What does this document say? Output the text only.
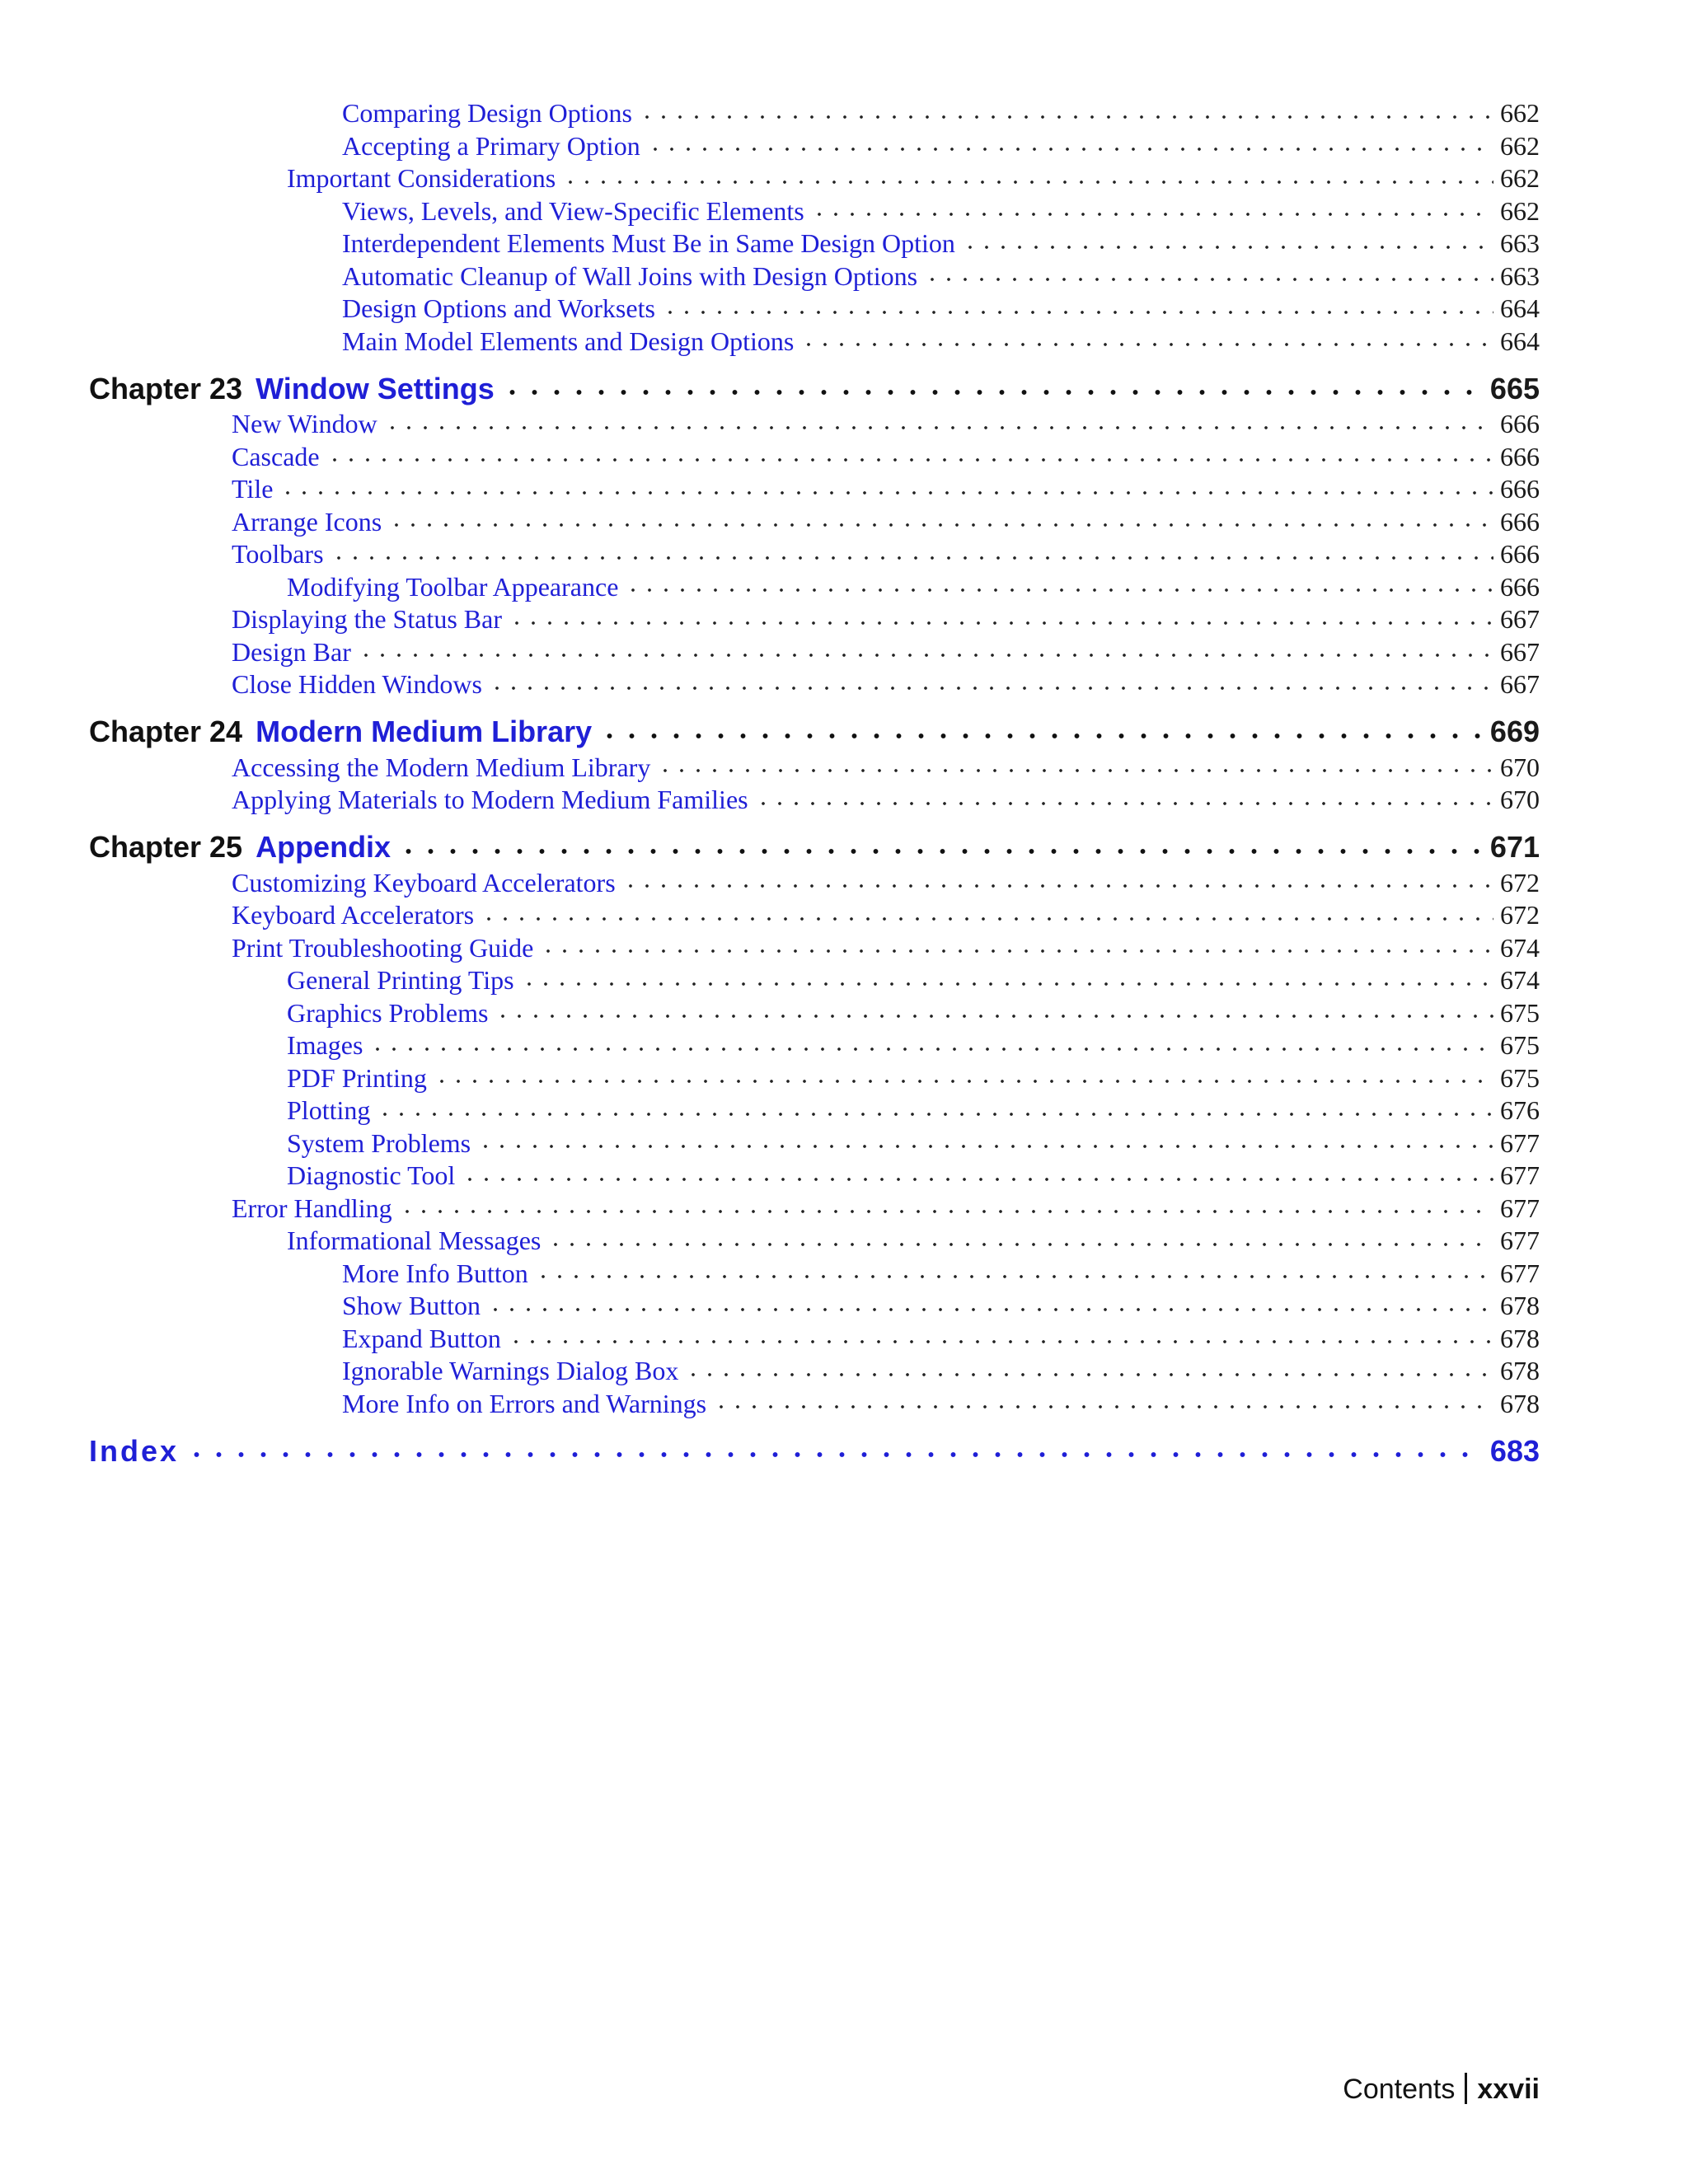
Comparing Design Options	662
Accepting a Primary Option	662
Important Considerations	662
Views, Levels, and View-Specific Elements	662
Interdependent Elements Must Be in Same Design Option	663
Automatic Cleanup of Wall Joins with Design Options	663
Design Options and Worksets	664
Main Model Elements and Design Options	664
Chapter 23 Window Settings	665
New Window	666
Cascade	666
Tile	666
Arrange Icons	666
Toolbars	666
Modifying Toolbar Appearance	666
Displaying the Status Bar	667
Design Bar	667
Close Hidden Windows	667
Chapter 24 Modern Medium Library	669
Accessing the Modern Medium Library	670
Applying Materials to Modern Medium Families	670
Chapter 25 Appendix	671
Customizing Keyboard Accelerators	672
Keyboard Accelerators	672
Print Troubleshooting Guide	674
General Printing Tips	674
Graphics Problems	675
Images	675
PDF Printing	675
Plotting	676
System Problems	677
Diagnostic Tool	677
Error Handling	677
Informational Messages	677
More Info Button	677
Show Button	678
Expand Button	678
Ignorable Warnings Dialog Box	678
More Info on Errors and Warnings	678
Index	683
Contents xxvii
